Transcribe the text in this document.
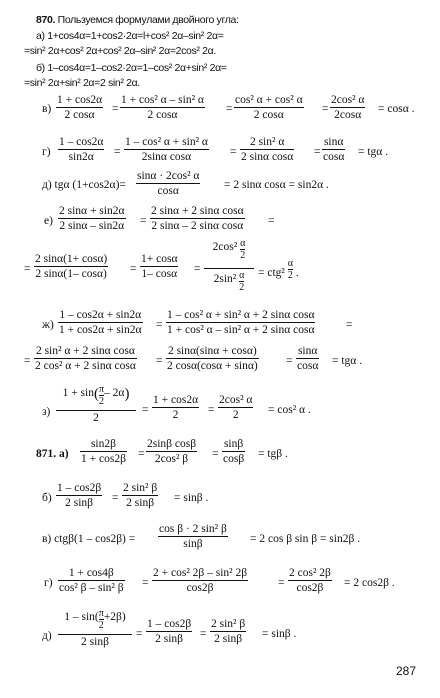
870. Пользуемся формулами двойного угла:
а) 1+cos4α=1+cos2·2α=l+cos² 2α–sin² 2α=
=sin² 2α+cos² 2α+cos² 2α–sin² 2α=2cos² 2α.
б) 1–cos4α=1–cos2·2α=1–cos² 2α+sin² 2α=
=sin² 2α+sin² 2α=2 sin² 2α.
$в) \frac{1 + \cos 2\alpha}{2 \cos\alpha} = \frac{\text{1 + cos² α – sin² α}}{2 \cos\alpha} = \frac{\text{cos² α + cos² α}}{2 \cos\alpha} = \frac{\text{2cos² α}}{2\cos\alpha} = \cos\alpha$ .
$г) \frac{1 - \cos 2\alpha}{\sin 2\alpha} = \frac{\text{1 – cos² α + sin² α}}{\text{2sinα cosα}} = \frac{\text{2 sin² α}}{\text{2 sinα cosα}} = \frac{\sin\alpha}{\cos\alpha} = tg\alpha$ .
д) tgα $(1+\cos 2\alpha)= \frac{\text{sinα · 2cos² α}}{\cos\alpha} = 2$ sinα cosα = sin2α .
$е) \frac{2 \sin\alpha + \sin 2\alpha}{2 \sin\alpha - \sin 2\alpha} = \frac{\text{2 sinα + 2 sinα cosα}}{\text{2 sinα – 2 sinα cosα}}$ =
= $\frac{2 \sin\alpha(1+ \cos\alpha)}{2 \sin\alpha(1- \cos\alpha)} = \frac{1+ \cos\alpha}{1- \cos\alpha}$ =
$2\cos^2 \frac{\alpha}{2}$
$2\sin^2 \frac{\alpha}{2} = ctg^2 \frac{\alpha}{2}$ .
$ж) \frac{1 - \cos 2\alpha + \sin 2\alpha}{1 + \cos 2\alpha + \sin 2\alpha} = \frac{\text{1 – cos² α + sin² α + 2 sinα cosα}}{\text{1 + cos² α – sin² α + 2 sinα cosα}}$	=
= $\frac{\text{2 sin² α + 2 sinα cosα}}{\text{2 cos² α + 2 sinα cosα}} = \frac{2 \sin\alpha(\sin\alpha + \cos\alpha)}{2 \cos\alpha(\cos\alpha + \sin\alpha)} = \frac{\sin\alpha}{\cos\alpha} = tg\alpha$ .
з)
$1 + \sin( \frac{\pi}{2} - 2\alpha)$
2
= $\frac{1 + \cos 2\alpha}{2} = \frac{\text{2cos² α}}{2} = \cos^2$ α .
871. $а) \frac{\sin 2\beta}{1 + \cos 2\beta} = \frac{\text{2sinβ cosβ}}{\text{2cos² β}} = \frac{\sin\beta}{\cos\beta} = tg\beta$ .
$б) \frac{1 - \cos 2\beta}{2 \sin\beta} = \frac{\text{2 sin² β}}{2 \sin\beta} = \sin\beta$ .
в) $ctg\beta(1 - \cos 2\beta) = \frac{\text{cos β · 2 sin² β}}{\sin\beta} = 2$ cos β sin β = sin2β .
$г) \frac{1 + \cos 4\beta}{\text{cos² β – sin² β}} = \frac{\text{2 + cos² 2β – sin² 2β}}{\cos 2\beta}$	= $\frac{\text{2 cos² 2β}}{\cos 2\beta} = 2$ cos2β .
д)
$1 - \sin( \frac{\pi}{2} +2\beta)$
2 sinβ
= $\frac{1 - \cos 2\beta}{2 \sin\beta} = \frac{\text{2 sin² β}}{2 \sin\beta} = \sin\beta$ .
287
